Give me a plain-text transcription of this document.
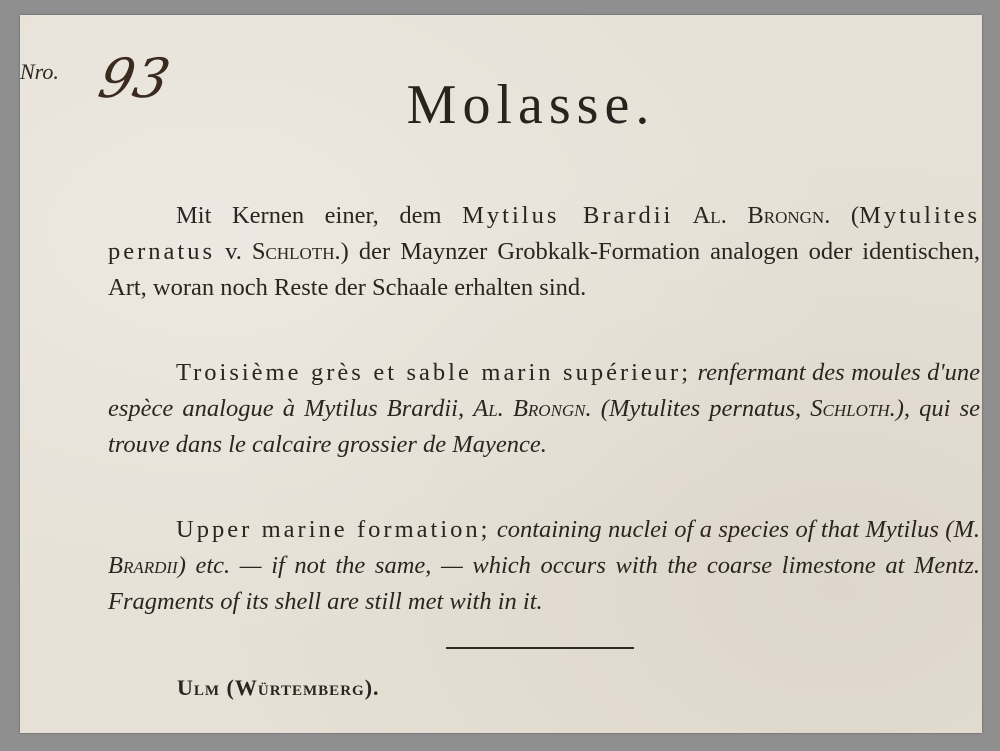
Nro. 93	Molasse.

Mit Kernen einer, dem Mytilus Brardii Al. Brongn. (Mytulites pernatus v. Schloth.) der Maynzer Grobkalk-Formation analogen oder identischen, Art, woran noch Reste der Schaale erhalten sind.

Troisième grès et sable marin supérieur; renfermant des moules d'une espèce analogue à Mytilus Brardii, Al. Brongn. (Mytulites pernatus, Schloth.), qui se trouve dans le calcaire grossier de Mayence.

Upper marine formation; containing nuclei of a species of that Mytilus (M. Brardii) etc. — if not the same, — which occurs with the coarse limestone at Mentz. Fragments of its shell are still met with in it.

Ulm (Würtemberg).
